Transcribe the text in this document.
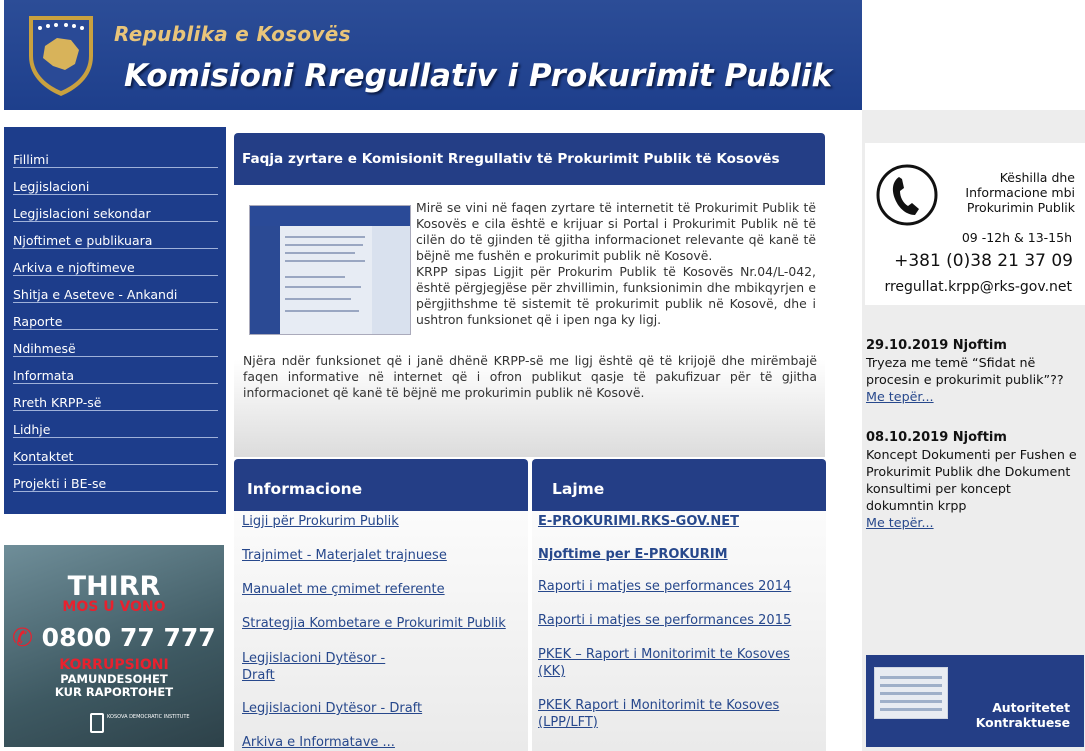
Republika e Kosovës
Komisioni Rregullativ i Prokurimit Publik
Fillimi
Legjislacioni
Legjislacioni sekondar
Njoftimet e publikuara
Arkiva e njoftimeve
Shitja e Aseteve - Ankandi
Raporte
Ndihmesë
Informata
Rreth KRPP-së
Lidhje
Kontaktet
Projekti i BE-se
THIRR
MOS U VONO
✆ 0800 77 777
KORRUPSIONI
PAMUNDESOHET
KUR RAPORTOHET
KOSOVA DEMOCRATIC INSTITUTE
Faqja zyrtare e Komisionit Rregullativ të Prokurimit Publik të Kosovës

Mirë se vini në faqen zyrtare të internetit të Prokurimit Publik të Kosovës e cila është e krijuar si Portal i Prokurimit Publik në të cilën do të gjinden të gjitha informacionet relevante që kanë të bëjnë me fushën e prokurimit publik në Kosovë.

KRPP sipas Ligjit për Prokurim Publik të Kosovës Nr.04/L-042, është përgjegjëse për zhvillimin, funksionimin dhe mbikqyrjen e përgjithshme të sistemit të prokurimit publik në Kosovë, dhe i ushtron funksionet që i ipen nga ky ligj.

Njëra ndër funksionet që i janë dhënë KRPP-së me ligj është që të krijojë dhe mirëmbajë faqen informative në internet që i ofron publikut qasje të pakufizuar për të gjitha informacionet që kanë të bëjnë me prokurimin publik në Kosovë.

Informacione
Ligji për Prokurim Publik
Trajnimet - Materjalet trajnuese
Manualet me çmimet referente
Strategjia Kombetare e Prokurimit Publik
Legjislacioni Dytësor - Draft
Legjislacioni Dytësor - Draft
Arkiva e Informatave ...
Lajme
E-PROKURIMI.RKS-GOV.NET
Njoftime per E-PROKURIM
Raporti i matjes se performances 2014
Raporti i matjes se performances 2015
PKEK – Raport i Monitorimit te Kosoves (KK)
PKEK Raport i Monitorimit te Kosoves (LPP/LFT)
29.10.2019 Njoftim
Tryeza me temë “Sfidat në procesin e prokurimit publik”??
Me tepër...
Këshilla dhe Informacione mbi Prokurimin Publik
09 -12h & 13-15h
+381 (0)38 21 37 09
rregullat.krpp@rks-gov.net
08.10.2019 Njoftim
Koncept Dokumenti per Fushen e Prokurimit Publik dhe Dokument konsultimi per koncept dokumntin krpp
Me tepër...
Autoritetet
Kontraktuese
